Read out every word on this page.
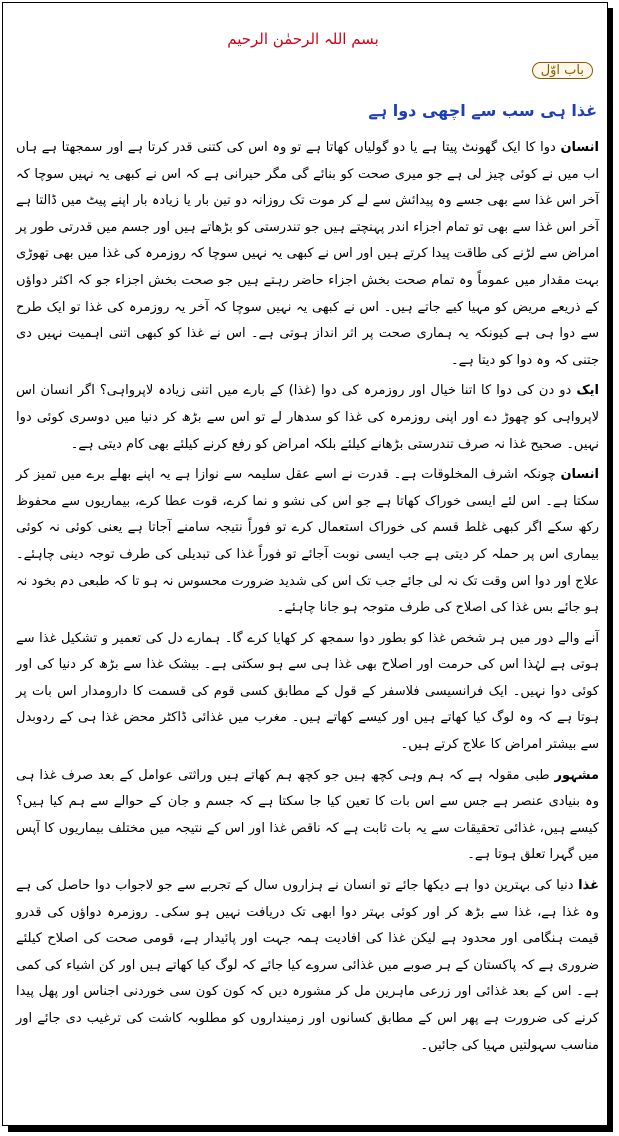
بسم اللہ الرحمٰن الرحیم
باب اوّل
غذا ہی سب سے اچھی دوا ہے

انسان دوا کا ایک گھونٹ پیتا ہے یا دو گولیاں کھاتا ہے تو وہ اس کی کتنی قدر کرتا ہے اور سمجھتا ہے ہاں اب میں نے کوئی چیز لی ہے جو میری صحت کو بنائے گی مگر حیرانی ہے کہ اس نے کبھی یہ نہیں سوچا کہ آخر اس غذا سے بھی جسے وہ پیدائش سے لے کر موت تک روزانہ دو تین بار یا زیادہ بار اپنے پیٹ میں ڈالتا ہے آخر اس غذا سے بھی تو تمام اجزاء اندر پہنچتے ہیں جو تندرستی کو بڑھاتے ہیں اور جسم میں قدرتی طور پر امراض سے لڑنے کی طاقت پیدا کرتے ہیں اور اس نے کبھی یہ نہیں سوچا کہ روزمرہ کی غذا میں بھی تھوڑی بہت مقدار میں عموماً وہ تمام صحت بخش اجزاء حاضر رہتے ہیں جو صحت بخش اجزاء جو کہ اکثر دواؤں کے ذریعے مریض کو مہیا کیے جاتے ہیں۔ اس نے کبھی یہ نہیں سوچا کہ آخر یہ روزمرہ کی غذا تو ایک طرح سے دوا ہی ہے کیونکہ یہ ہماری صحت پر اثر انداز ہوتی ہے۔ اس نے غذا کو کبھی اتنی اہمیت نہیں دی جتنی کہ وہ دوا کو دیتا ہے۔

ایک دو دن کی دوا کا اتنا خیال اور روزمرہ کی دوا (غذا) کے بارے میں اتنی زیادہ لاپرواہی؟ اگر انسان اس لاپرواہی کو چھوڑ دے اور اپنی روزمرہ کی غذا کو سدھار لے تو اس سے بڑھ کر دنیا میں دوسری کوئی دوا نہیں۔ صحیح غذا نہ صرف تندرستی بڑھانے کیلئے بلکہ امراض کو رفع کرنے کیلئے بھی کام دیتی ہے۔

انسان چونکہ اشرف المخلوقات ہے۔ قدرت نے اسے عقل سلیمہ سے نوازا ہے یہ اپنے بھلے برے میں تمیز کر سکتا ہے۔ اس لئے ایسی خوراک کھاتا ہے جو اس کی نشو و نما کرے، قوت عطا کرے، بیماریوں سے محفوظ رکھ سکے اگر کبھی غلط قسم کی خوراک استعمال کرے تو فوراً نتیجہ سامنے آجاتا ہے یعنی کوئی نہ کوئی بیماری اس پر حملہ کر دیتی ہے جب ایسی نوبت آجائے تو فوراً غذا کی تبدیلی کی طرف توجہ دینی چاہئے۔ علاج اور دوا اس وقت تک نہ لی جائے جب تک اس کی شدید ضرورت محسوس نہ ہو تا کہ طبعی دم بخود نہ ہو جائے بس غذا کی اصلاح کی طرف متوجہ ہو جانا چاہئے۔

آنے والے دور میں ہر شخص غذا کو بطور دوا سمجھ کر کھایا کرے گا۔ ہمارے دل کی تعمیر و تشکیل غذا سے ہوتی ہے لہٰذا اس کی حرمت اور اصلاح بھی غذا ہی سے ہو سکتی ہے۔ بیشک غذا سے بڑھ کر دنیا کی اور کوئی دوا نہیں۔ ایک فرانسیسی فلاسفر کے قول کے مطابق کسی قوم کی قسمت کا دارومدار اس بات پر ہوتا ہے کہ وہ لوگ کیا کھاتے ہیں اور کیسے کھاتے ہیں۔ مغرب میں غذائی ڈاکٹر محض غذا ہی کے ردوبدل سے بیشتر امراض کا علاج کرتے ہیں۔

مشہور طبی مقولہ ہے کہ ہم وہی کچھ ہیں جو کچھ ہم کھاتے ہیں وراثتی عوامل کے بعد صرف غذا ہی وہ بنیادی عنصر ہے جس سے اس بات کا تعین کیا جا سکتا ہے کہ جسم و جان کے حوالے سے ہم کیا ہیں؟ کیسے ہیں، غذائی تحقیقات سے یہ بات ثابت ہے کہ ناقص غذا اور اس کے نتیجہ میں مختلف بیماریوں کا آپس میں گہرا تعلق ہوتا ہے۔

غذا دنیا کی بہترین دوا ہے دیکھا جائے تو انسان نے ہزاروں سال کے تجربے سے جو لاجواب دوا حاصل کی ہے وہ غذا ہے، غذا سے بڑھ کر اور کوئی بہتر دوا ابھی تک دریافت نہیں ہو سکی۔ روزمرہ دواؤں کی قدرو قیمت ہنگامی اور محدود ہے لیکن غذا کی افادیت ہمہ جہت اور پائیدار ہے، قومی صحت کی اصلاح کیلئے ضروری ہے کہ پاکستان کے ہر صوبے میں غذائی سروے کیا جائے کہ لوگ کیا کھاتے ہیں اور کن اشیاء کی کمی ہے۔ اس کے بعد غذائی اور زرعی ماہرین مل کر مشورہ دیں کہ کون کون سی خوردنی اجناس اور پھل پیدا کرنے کی ضرورت ہے پھر اس کے مطابق کسانوں اور زمینداروں کو مطلوبہ کاشت کی ترغیب دی جائے اور مناسب سہولتیں مہیا کی جائیں۔
